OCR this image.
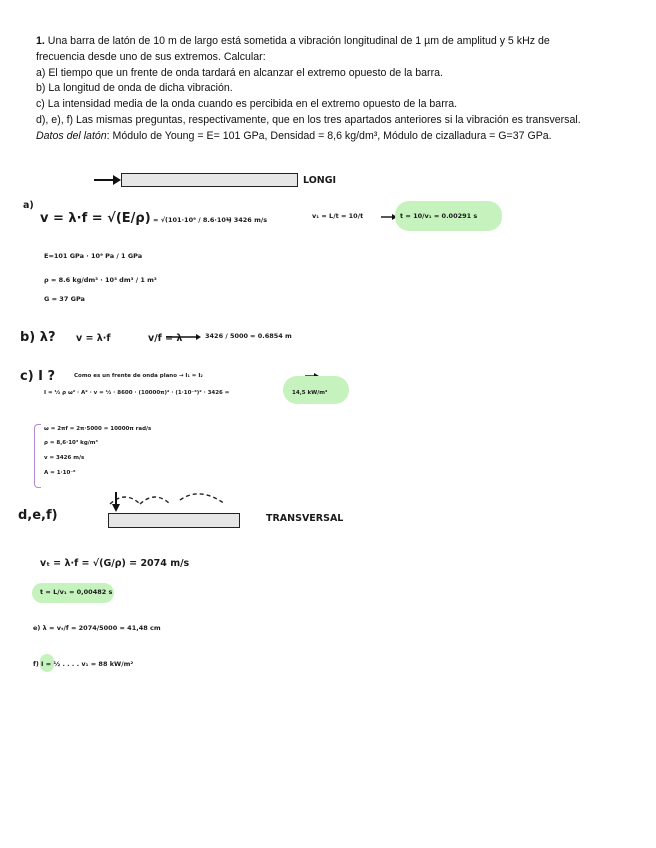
1. Una barra de latón de 10 m de largo está sometida a vibración longitudinal de 1 µm de amplitud y 5 kHz de frecuencia desde uno de sus extremos. Calcular:

a) El tiempo que un frente de onda tardará en alcanzar el extremo opuesto de la barra.

b) La longitud de onda de dicha vibración.

c) La intensidad media de la onda cuando es percibida en el extremo opuesto de la barra.

d), e), f) Las mismas preguntas, respectivamente, que en los tres apartados anteriores si la vibración es transversal.

Datos del latón: Módulo de Young = E= 101 GPa, Densidad = 8,6 kg/dm³, Módulo de cizalladura = G=37 GPa.

LONGI
a)
v = λ·f = √(E/ρ) = √(101·10⁹ / 8.6·10³)
= 3426 m/s	v₁ = L/t = 10/t	t = 10/v₁ = 0.00291 s
E=101 GPa · 10⁹ Pa / 1 GPa
ρ = 8.6 kg/dm³ · 10³ dm³ / 1 m³
G = 37 GPa
b) λ? v = λ·f	v/f = λ	3426 / 5000 = 0.6854 m
c) I ?	Como es un frente de onda plano → I₁ = I₂
I = ½ ρ ω² · A² · v = ½ · 8600 · (10000π)² · (1·10⁻⁶)² · 3426 =	14,5 kW/m²
ω = 2πf = 2π·5000 = 10000π rad/s
ρ = 8,6·10³ kg/m³
v = 3426 m/s
A = 1·10⁻⁶
d,e,f)	TRANSVERSAL
vₜ = λ·f = √(G/ρ) = 2074 m/s
t = L/v₁ = 0,00482 s
e) λ = vₜ/f = 2074/5000 = 41,48 cm
f) I = ½ . . . . v₁ = 88 kW/m²
